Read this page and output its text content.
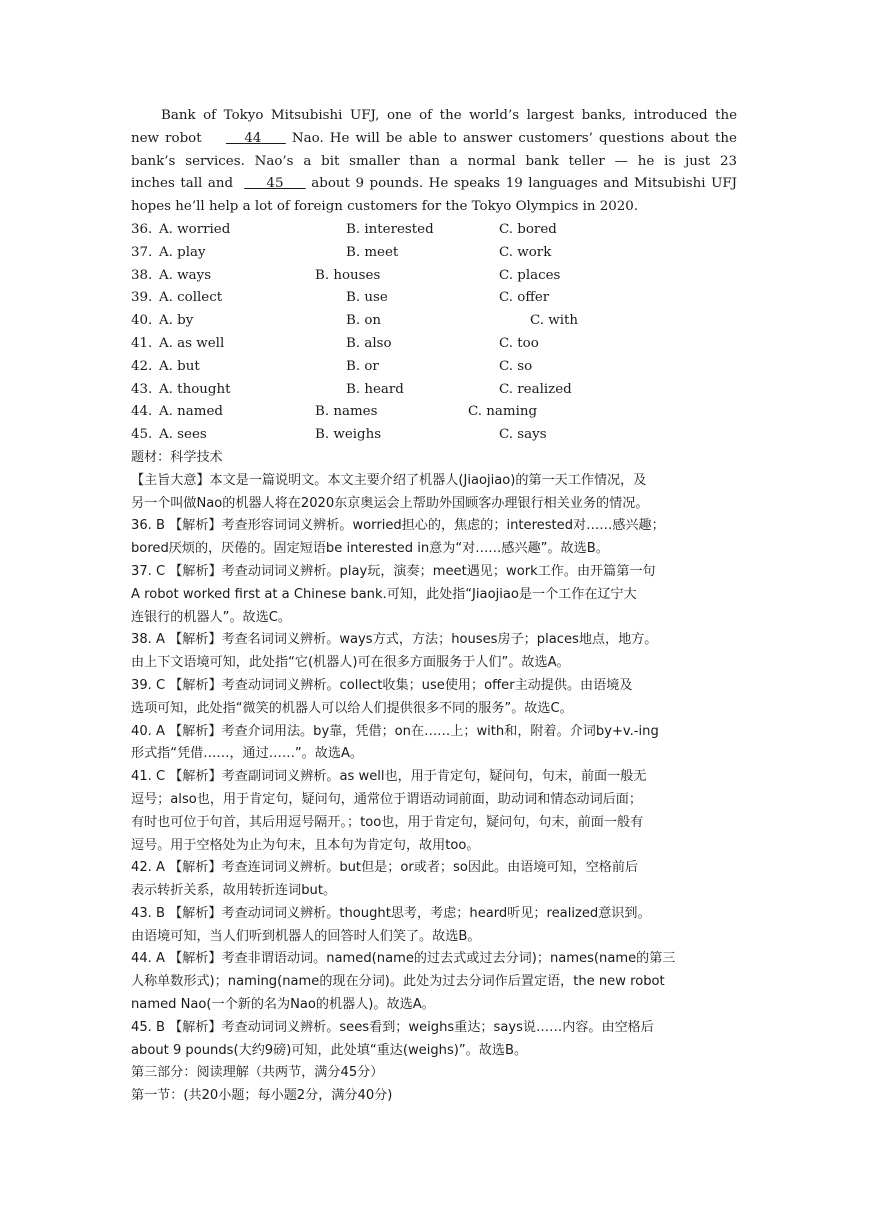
Bank of Tokyo Mitsubishi UFJ, one of the world’s largest banks, introduced the
new robot	44 Nao. He will be able to answer customers’ questions about the
bank’s services. Nao’s a bit smaller than a normal bank teller — he is just 23
inches tall and 45 about 9 pounds. He speaks 19 languages and Mitsubishi UFJ
hopes he’ll help a lot of foreign customers for the Tokyo Olympics in 2020.
36. A. worried	B. interested	C. bored
37. A. play	B. meet	C. work
38. A. ways	B. houses	C. places
39. A. collect	B. use	C. offer
40. A. by	B. on	C. with
41. A. as well	B. also	C. too
42. A. but	B. or	C. so
43. A. thought	B. heard	C. realized
44. A. named	B. names	C. naming
45. A. sees	B. weighs	C. says

题材：科学技术

【主旨大意】本文是一篇说明文。本文主要介绍了机器人(Jiaojiao)的第一天工作情况，及

另一个叫做Nao的机器人将在2020东京奥运会上帮助外国顾客办理银行相关业务的情况。

36. B 【解析】考查形容词词义辨析。worried担心的，焦虑的；interested对……感兴趣；

bored厌烦的，厌倦的。固定短语be interested in意为“对……感兴趣”。故选B。

37. C 【解析】考查动词词义辨析。play玩，演奏；meet遇见；work工作。由开篇第一句

A robot worked first at a Chinese bank.可知，此处指“Jiaojiao是一个工作在辽宁大

连银行的机器人”。故选C。

38. A 【解析】考查名词词义辨析。ways方式，方法；houses房子；places地点，地方。

由上下文语境可知，此处指“它(机器人)可在很多方面服务于人们”。故选A。

39. C 【解析】考查动词词义辨析。collect收集；use使用；offer主动提供。由语境及

选项可知，此处指“微笑的机器人可以给人们提供很多不同的服务”。故选C。

40. A 【解析】考查介词用法。by靠，凭借；on在……上；with和，附着。介词by+v.-ing

形式指“凭借……，通过……”。故选A。

41. C 【解析】考查副词词义辨析。as well也，用于肯定句，疑问句，句末，前面一般无

逗号；also也，用于肯定句，疑问句，通常位于谓语动词前面，助动词和情态动词后面；

有时也可位于句首，其后用逗号隔开。；too也，用于肯定句，疑问句，句末，前面一般有

逗号。用于空格处为止为句末，且本句为肯定句，故用too。

42. A 【解析】考查连词词义辨析。but但是；or或者；so因此。由语境可知，空格前后

表示转折关系，故用转折连词but。

43. B 【解析】考查动词词义辨析。thought思考，考虑；heard听见；realized意识到。

由语境可知，当人们听到机器人的回答时人们笑了。故选B。

44. A 【解析】考查非谓语动词。named(name的过去式或过去分词)；names(name的第三

人称单数形式)；naming(name的现在分词)。此处为过去分词作后置定语，the new robot

named Nao(一个新的名为Nao的机器人)。故选A。

45. B 【解析】考查动词词义辨析。sees看到；weighs重达；says说……内容。由空格后

about 9 pounds(大约9磅)可知，此处填“重达(weighs)”。故选B。

第三部分：阅读理解（共两节，满分45分）

第一节：(共20小题；每小题2分，满分40分)
